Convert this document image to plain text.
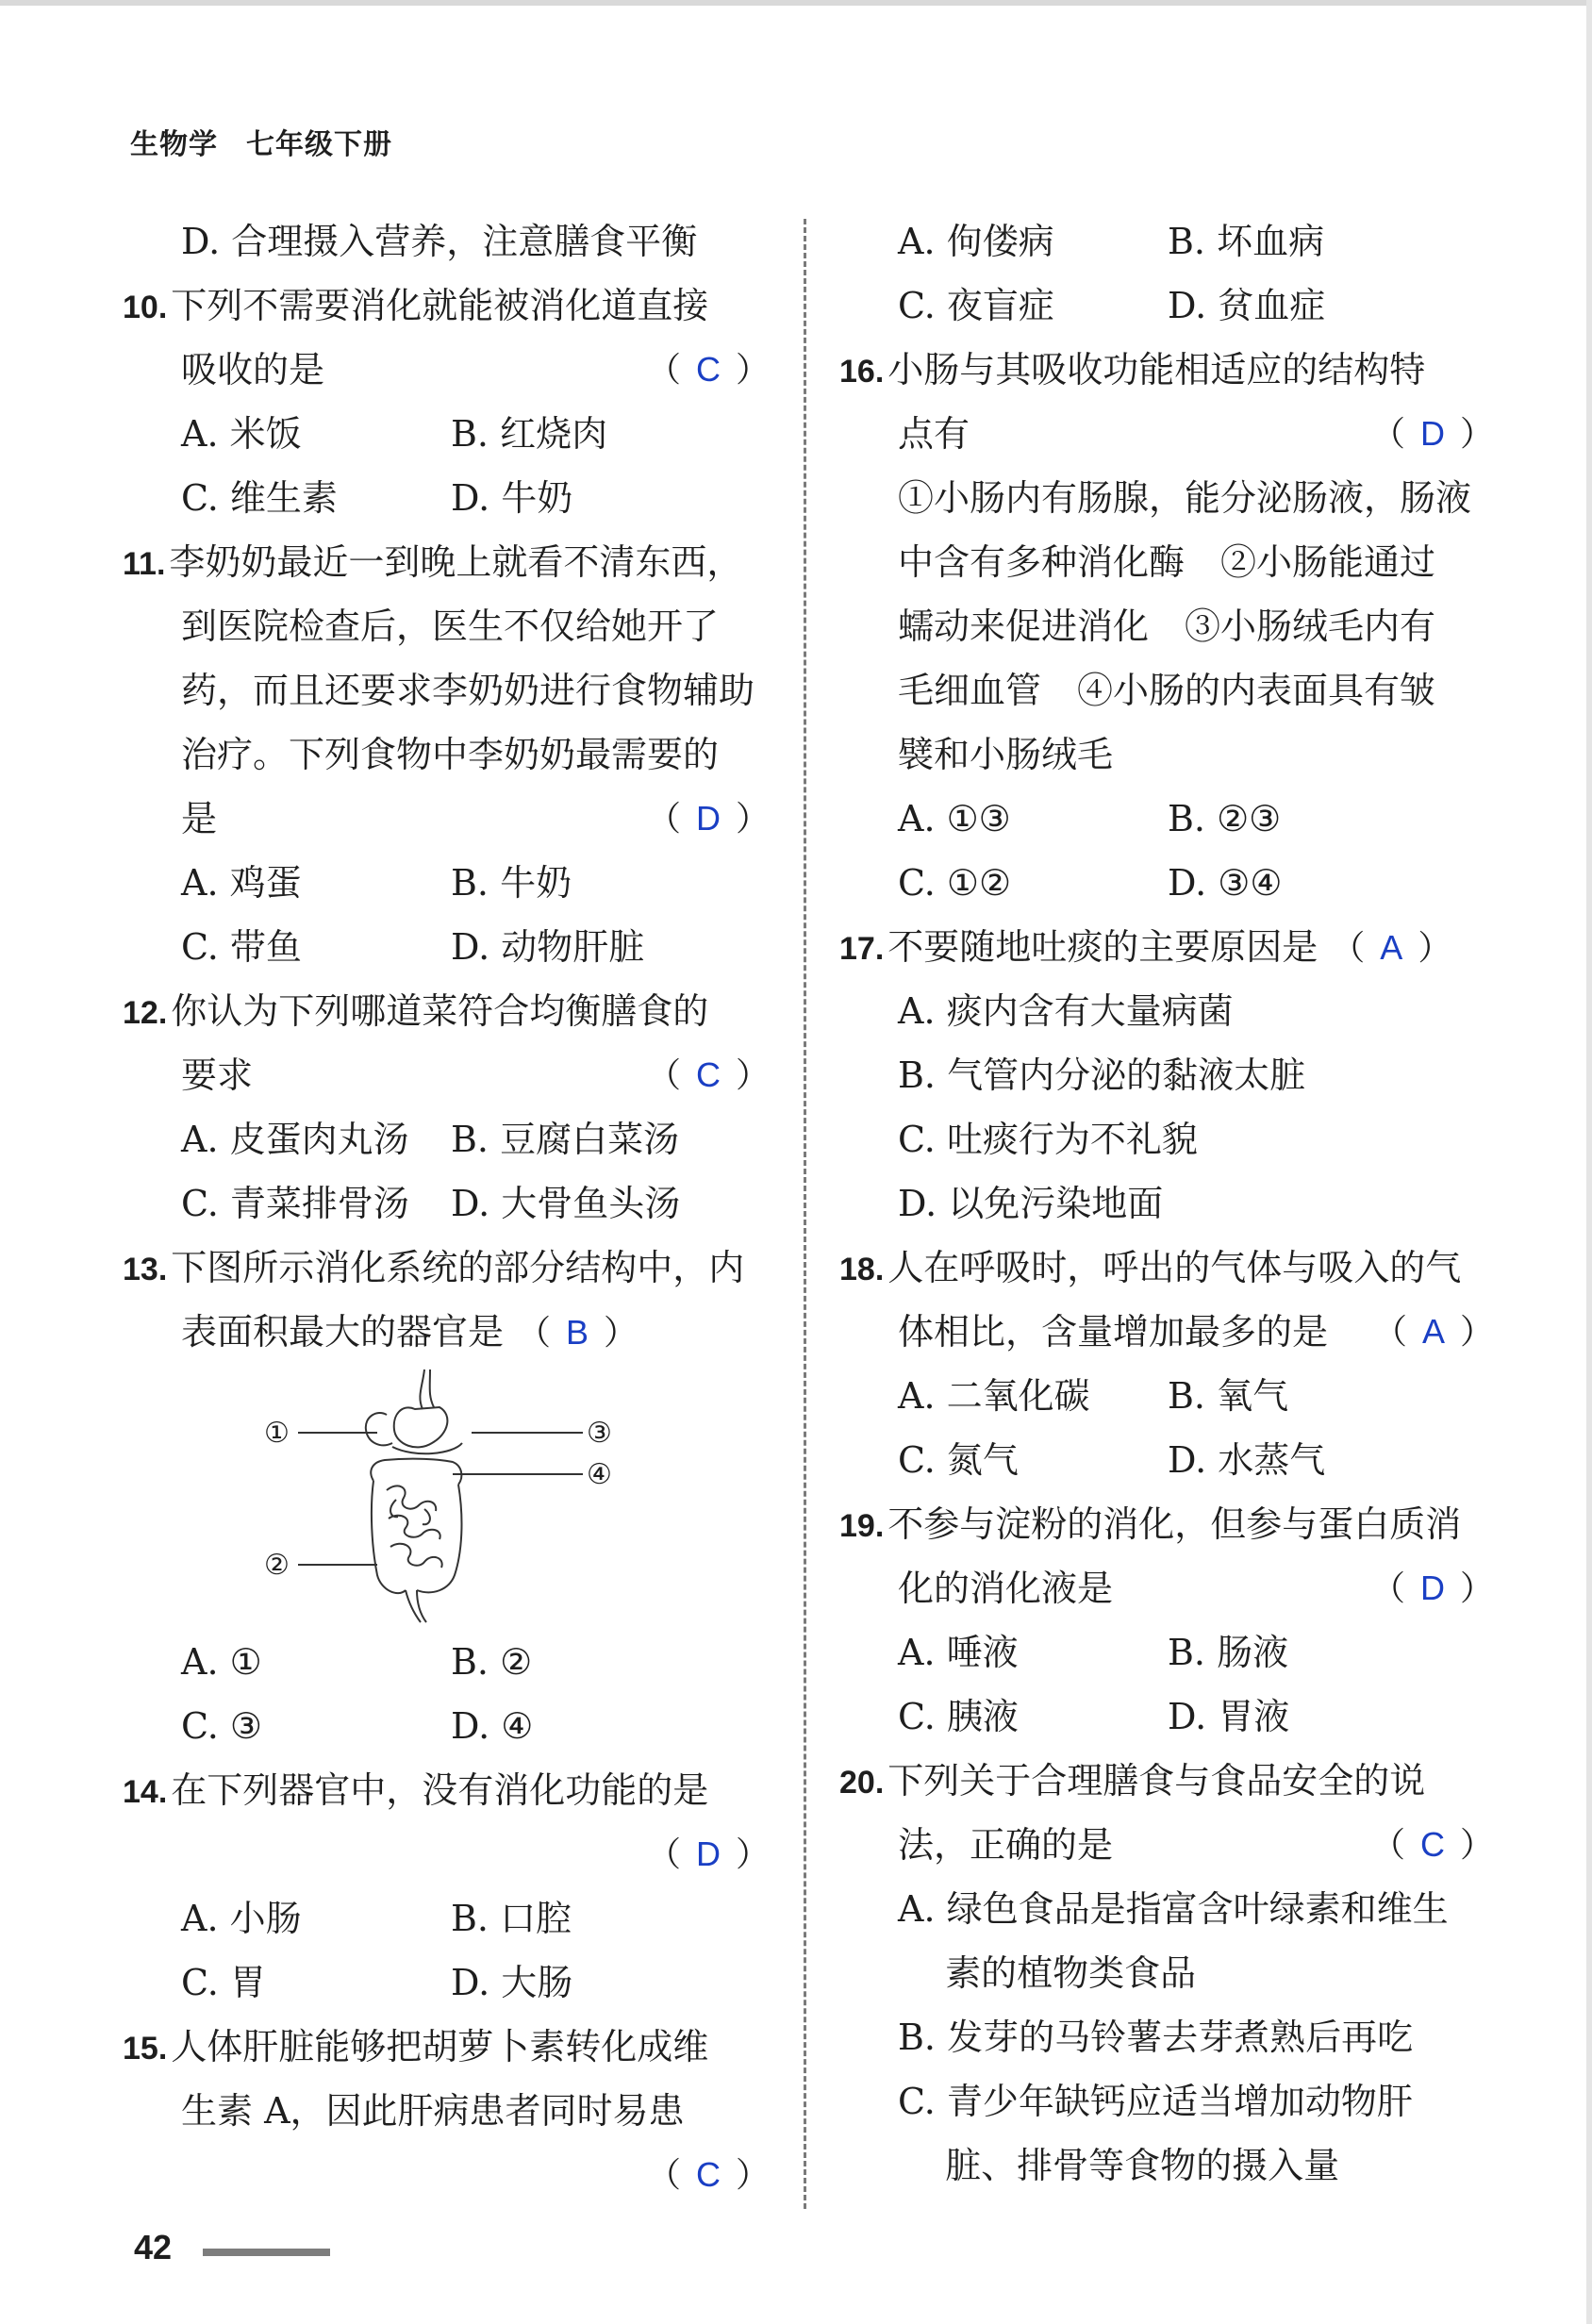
生物学 七年级下册
D. 合理摄入营养，注意膳食平衡
10. 下列不需要消化就能被消化道直接
吸收的是	（ C ）
A. 米饭	B. 红烧肉
C. 维生素	D. 牛奶
11. 李奶奶最近一到晚上就看不清东西，
到医院检查后，医生不仅给她开了
药，而且还要求李奶奶进行食物辅助
治疗。下列食物中李奶奶最需要的
是	（ D ）
A. 鸡蛋	B. 牛奶
C. 带鱼	D. 动物肝脏
12. 你认为下列哪道菜符合均衡膳食的
要求	（ C ）
A. 皮蛋肉丸汤	B. 豆腐白菜汤
C. 青菜排骨汤	D. 大骨鱼头汤
13. 下图所示消化系统的部分结构中，内
表面积最大的器官是 （ B ）
①
②
③
④
A. ①	B. ②
C. ③	D. ④
14. 在下列器官中，没有消化功能的是
（ D ）
A. 小肠	B. 口腔
C. 胃	D. 大肠
15. 人体肝脏能够把胡萝卜素转化成维
生素 A，因此肝病患者同时易患
（ C ）
A. 佝偻病	B. 坏血病
C. 夜盲症	D. 贫血症
16. 小肠与其吸收功能相适应的结构特
点有	（ D ）
①小肠内有肠腺，能分泌肠液，肠液
中含有多种消化酶　②小肠能通过
蠕动来促进消化　③小肠绒毛内有
毛细血管　④小肠的内表面具有皱
襞和小肠绒毛
A. ①③	B. ②③
C. ①②	D. ③④
17. 不要随地吐痰的主要原因是 （ A ）
A. 痰内含有大量病菌
B. 气管内分泌的黏液太脏
C. 吐痰行为不礼貌
D. 以免污染地面
18. 人在呼吸时，呼出的气体与吸入的气
体相比，含量增加最多的是 （ A ）
A. 二氧化碳	B. 氧气
C. 氮气	D. 水蒸气
19. 不参与淀粉的消化，但参与蛋白质消
化的消化液是	（ D ）
A. 唾液	B. 肠液
C. 胰液	D. 胃液
20. 下列关于合理膳食与食品安全的说
法，正确的是	（ C ）
A. 绿色食品是指富含叶绿素和维生
　 素的植物类食品
B. 发芽的马铃薯去芽煮熟后再吃
C. 青少年缺钙应适当增加动物肝
　 脏、排骨等食物的摄入量
42
